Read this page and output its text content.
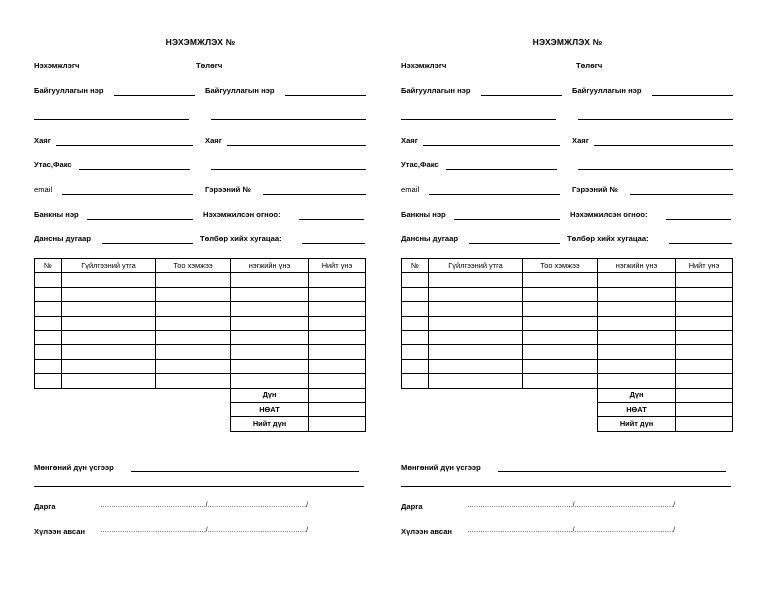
НЭХЭМЖЛЭХ №
Нэхэмжлэгч	Төлөгч
Байгууллагын нэр	Байгууллагын нэр
Хаяг	Хаяг
Утас,Факс
email	Гэрээний №
Банкны нэр	Нэхэмжилсэн огноо:
Дансны дугаар	Төлбөр хийх хугацаа:
№	Гүйлгээний утга	Тоо хэмжээ	нэгжийн үнэ	Нийт үнэ

			Дүн	
			НӨАТ	
			Нийт дүн	
Мөнгөний дүн үсгээр
Дарга	…………………………………………/………………………………………/
Хүлээн авсан …………………………………………/………………………………………/
НЭХЭМЖЛЭХ №
Нэхэмжлэгч	Төлөгч
Байгууллагын нэр	Байгууллагын нэр
Хаяг	Хаяг
Утас,Факс
email	Гэрээний №
Банкны нэр	Нэхэмжилсэн огноо:
Дансны дугаар	Төлбөр хийх хугацаа:
№	Гүйлгээний утга	Тоо хэмжээ	нэгжийн үнэ	Нийт үнэ

			Дүн	
			НӨАТ	
			Нийт дүн	
Мөнгөний дүн үсгээр
Дарга	…………………………………………/………………………………………/
Хүлээн авсан …………………………………………/………………………………………/
